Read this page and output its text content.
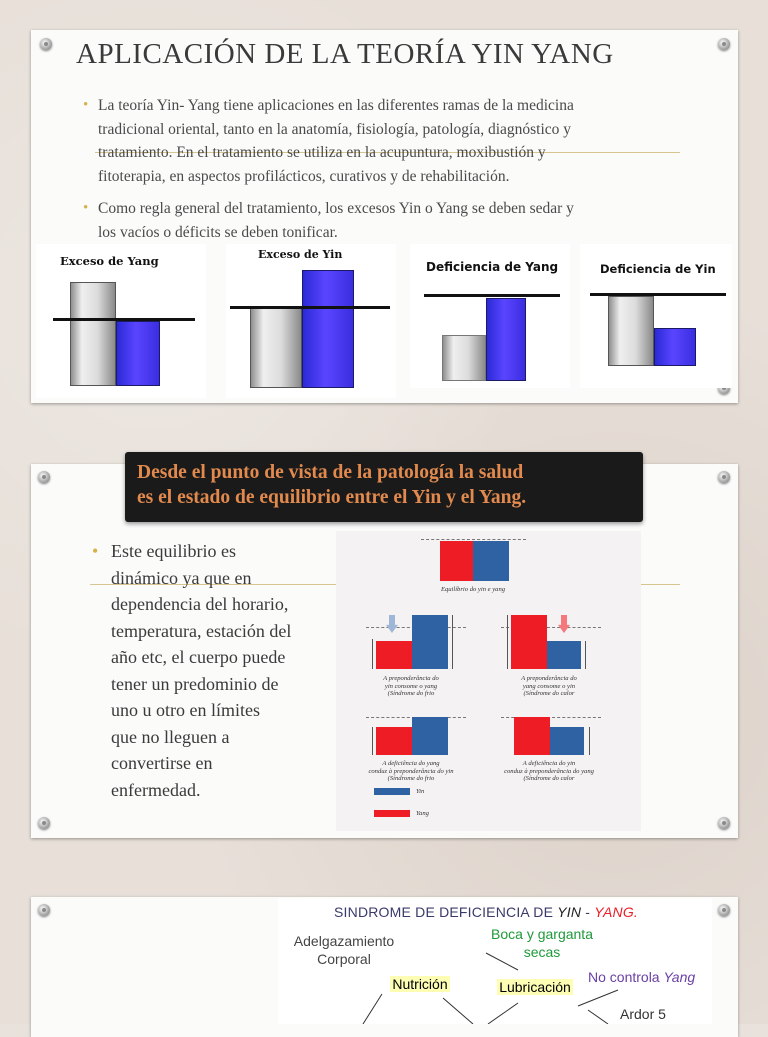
APLICACIÓN DE LA TEORÍA YIN YANG
• La teoría Yin- Yang tiene aplicaciones en las diferentes ramas de la medicina
tradicional oriental, tanto en la anatomía, fisiología, patología, diagnóstico y
tratamiento. En el tratamiento se utiliza en la acupuntura, moxibustión y
fitoterapia, en aspectos profilácticos, curativos y de rehabilitación.
• Como regla general del tratamiento, los excesos Yin o Yang se deben sedar y
los vacíos o déficits se deben tonificar.
Exceso de Yang	Exceso de Yin
Deficiencia de Yang	Deficiencia de Yin
Desde el punto de vista de la patología la salud
es el estado de equilibrio entre el Yin y el Yang.
• Este equilibrio es
dinámico ya que en
dependencia del horario,
temperatura, estación del
año etc, el cuerpo puede
tener un predominio de
uno u otro en límites
que no lleguen a
convertirse en
enfermedad.
Equilíbrio do yin e yang
A preponderância do
yin consome o yang
(Síndrome do frio
A preponderância do
yang consome o yin
(Síndrome do calor
A deficiência do yang
conduz à preponderância do yin
(Síndrome do frio
A deficiência do yin
conduz à preponderância do yang
(Síndrome do calor
Yin
Yang
SINDROME DE DEFICIENCIA DE YIN - YANG.
Adelgazamiento
Corporal
Boca y garganta
secas
Nutrición	Lubricación
No controla Yang
Ardor 5
